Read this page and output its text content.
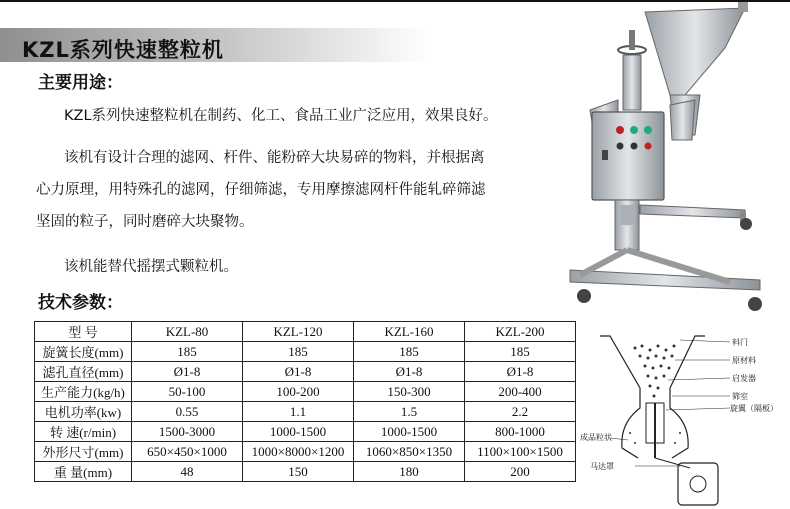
KZL系列快速整粒机
主要用途：
KZL系列快速整粒机在制药、化工、食品工业广泛应用，效果良好。
该机有设计合理的滤网、杆件、能粉碎大块易碎的物料，并根据离
心力原理，用特殊孔的滤网，仔细筛滤，专用摩擦滤网杆件能轧碎筛滤
坚固的粒子，同时磨碎大块聚物。
该机能替代摇摆式颗粒机。
技术参数：
型 号	KZL-80	KZL-120	KZL-160	KZL-200
旋簧长度(mm)	185	185	185	185
滤孔直径(mm)	Ø1-8	Ø1-8	Ø1-8	Ø1-8
生产能力(kg/h)	50-100	100-200	150-300	200-400
电机功率(kw)	0.55	1.1	1.5	2.2
转 速(r/min)	1500-3000	1000-1500	1000-1500	800-1000
外形尺寸(mm)	650×450×1000	1000×8000×1200	1060×850×1350	1100×100×1500
重 量(mm)	48	150	180	200
料门
原材料
启发器
筛室
旋翼（隔板）
成品粒状
马达罩
